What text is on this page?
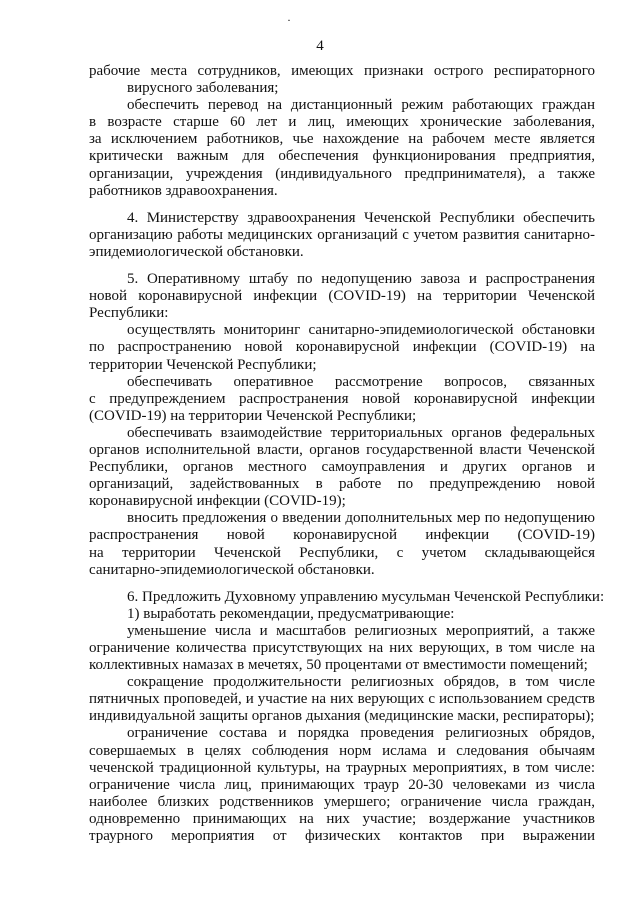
·
4
рабочие места сотрудников, имеющих признаки острого респираторного
вирусного заболевания;
обеспечить перевод на дистанционный режим работающих граждан
в возрасте старше 60 лет и лиц, имеющих хронические заболевания,
за исключением работников, чье нахождение на рабочем месте является
критически важным для обеспечения функционирования предприятия,
организации, учреждения (индивидуального предпринимателя), а также
работников здравоохранения.
4. Министерству здравоохранения Чеченской Республики обеспечить
организацию работы медицинских организаций с учетом развития санитарно-
эпидемиологической обстановки.
5. Оперативному штабу по недопущению завоза и распространения
новой коронавирусной инфекции (COVID-19) на территории Чеченской
Республики:
осуществлять мониторинг санитарно-эпидемиологической обстановки
по распространению новой коронавирусной инфекции (COVID-19) на
территории Чеченской Республики;
обеспечивать оперативное рассмотрение вопросов, связанных
с предупреждением распространения новой коронавирусной инфекции
(COVID-19) на территории Чеченской Республики;
обеспечивать взаимодействие территориальных органов федеральных
органов исполнительной власти, органов государственной власти Чеченской
Республики, органов местного самоуправления и других органов и
организаций, задействованных в работе по предупреждению новой
коронавирусной инфекции (COVID-19);
вносить предложения о введении дополнительных мер по недопущению
распространения новой коронавирусной инфекции (COVID-19)
на территории Чеченской Республики, с учетом складывающейся
санитарно-эпидемиологической обстановки.
6. Предложить Духовному управлению мусульман Чеченской Республики:
1) выработать рекомендации, предусматривающие:
уменьшение числа и масштабов религиозных мероприятий, а также
ограничение количества присутствующих на них верующих, в том числе на
коллективных намазах в мечетях, 50 процентами от вместимости помещений;
сокращение продолжительности религиозных обрядов, в том числе
пятничных проповедей, и участие на них верующих с использованием средств
индивидуальной защиты органов дыхания (медицинские маски, респираторы);
ограничение состава и порядка проведения религиозных обрядов,
совершаемых в целях соблюдения норм ислама и следования обычаям
чеченской традиционной культуры, на траурных мероприятиях, в том числе:
ограничение числа лиц, принимающих траур 20-30 человеками из числа
наиболее близких родственников умершего; ограничение числа граждан,
одновременно принимающих на них участие; воздержание участников
траурного мероприятия от физических контактов при выражении
